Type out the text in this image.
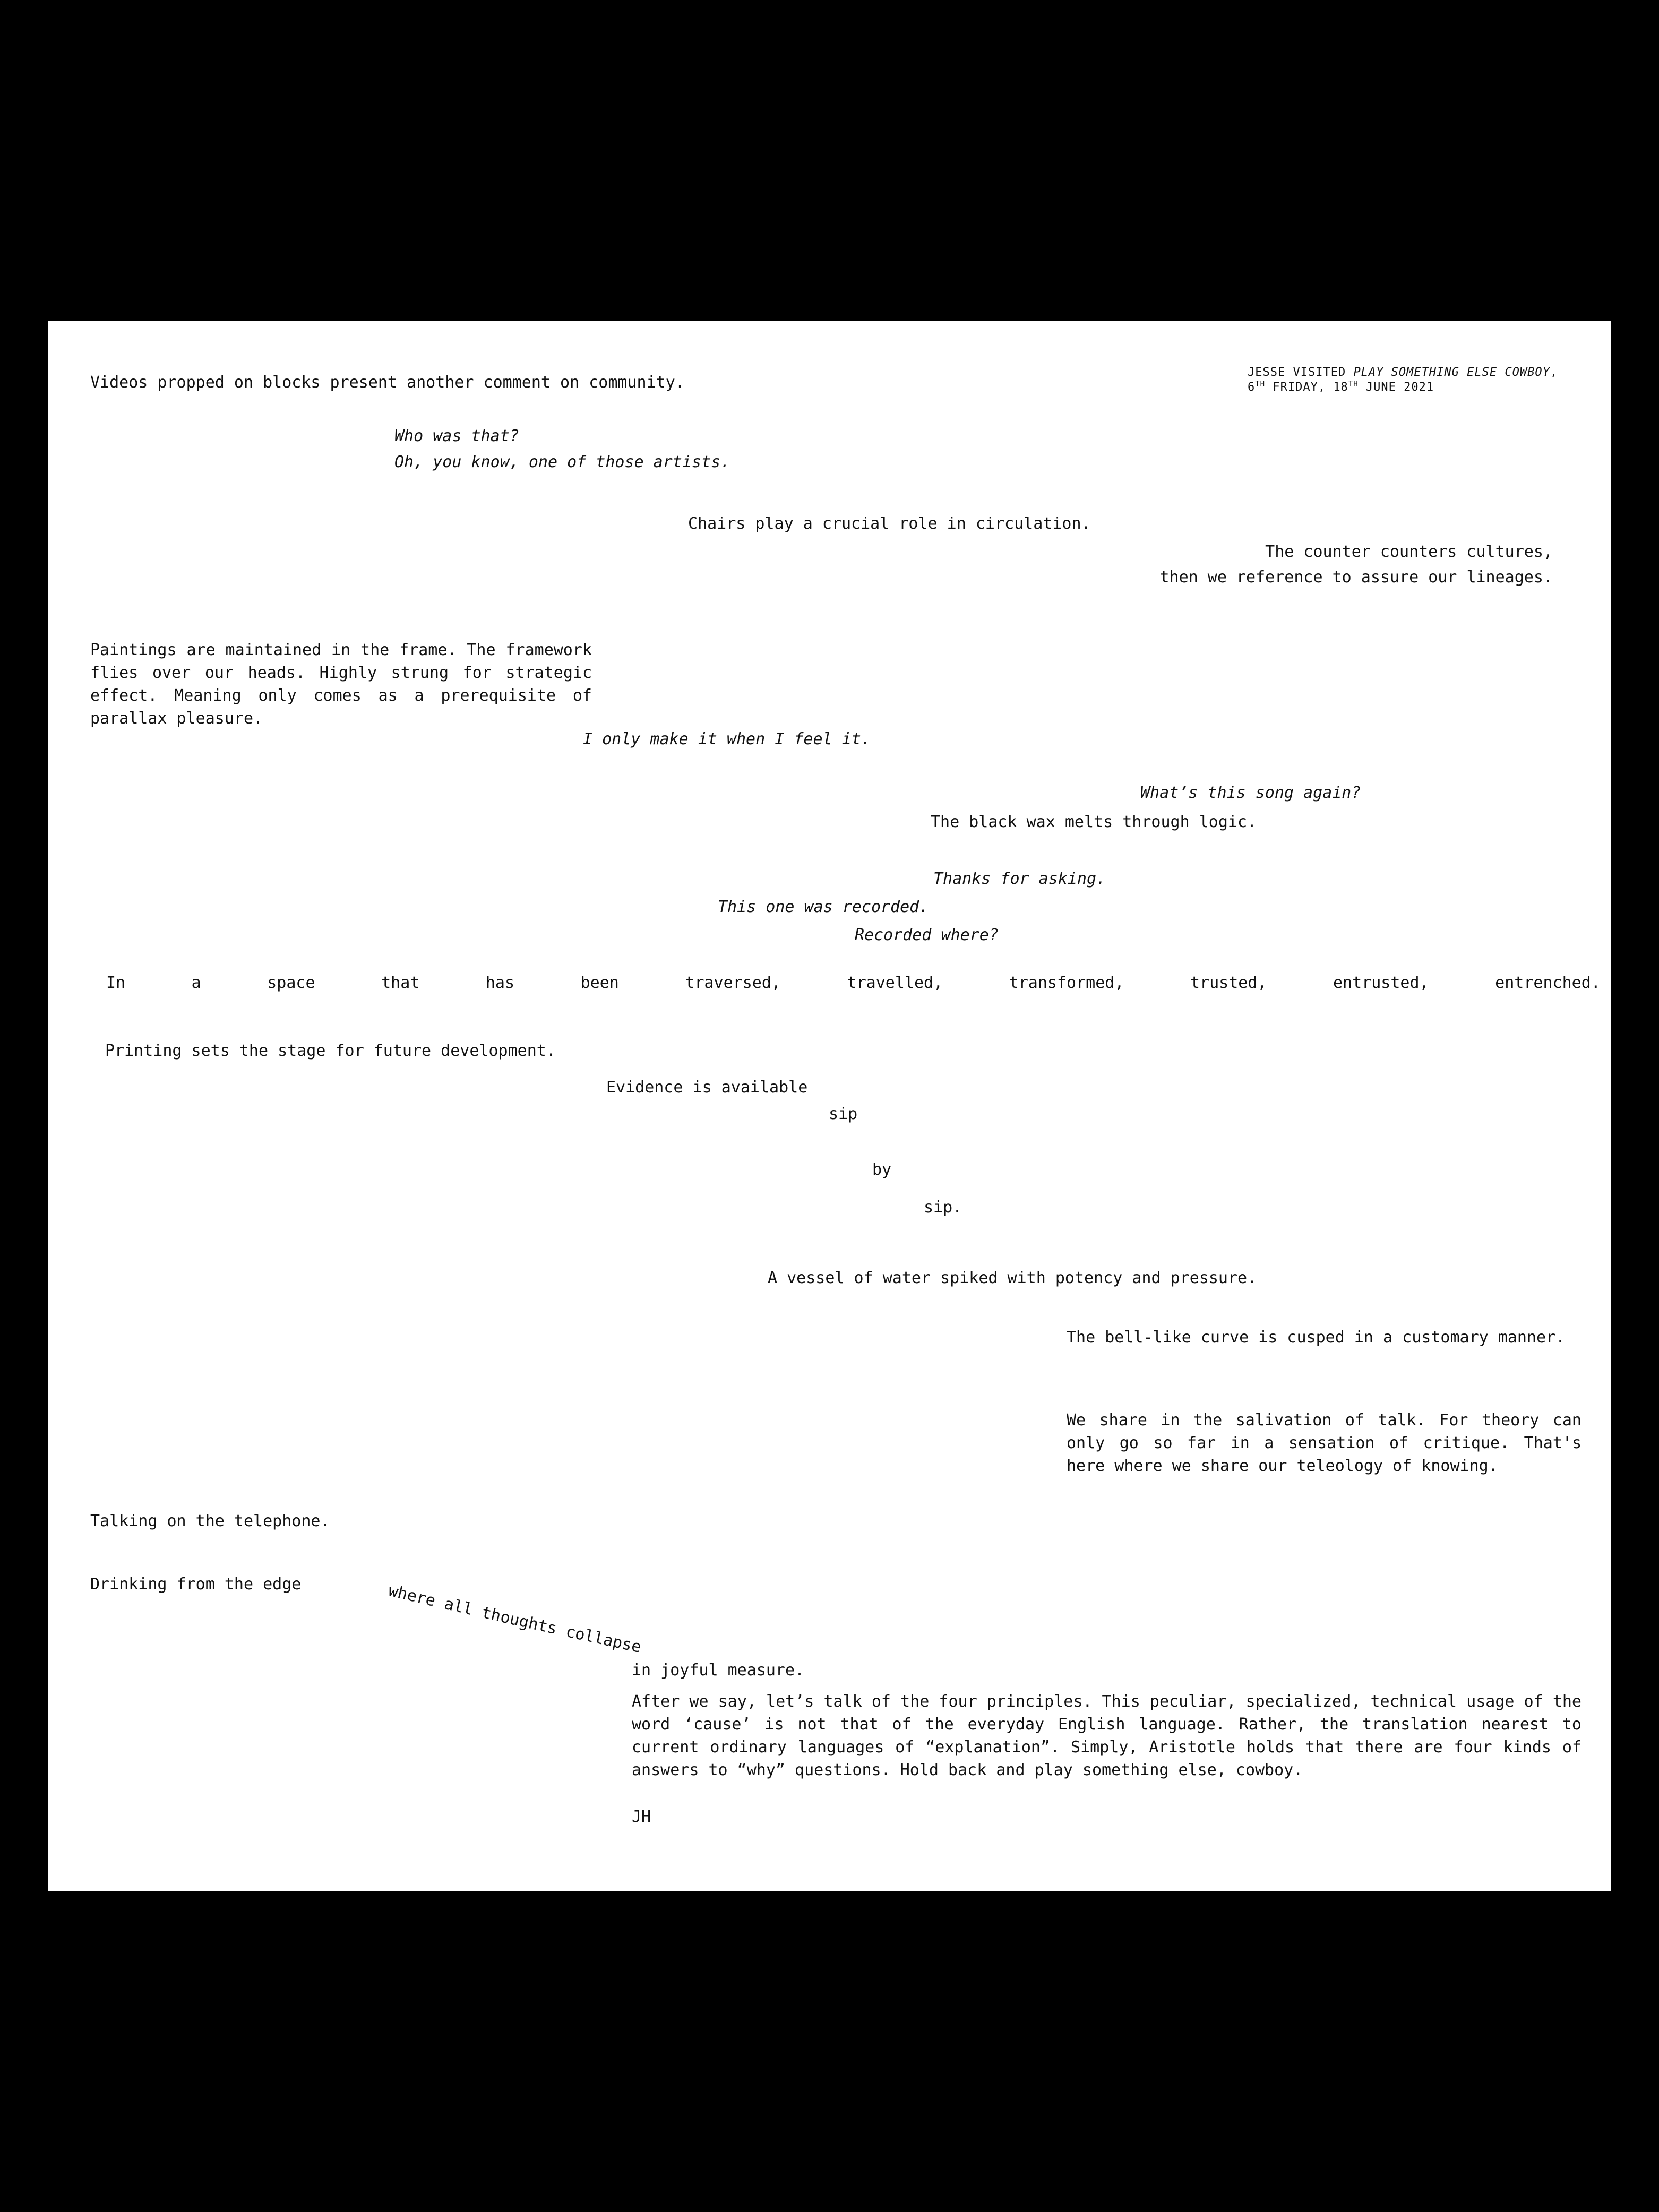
JESSE VISITED PLAY SOMETHING ELSE COWBOY,
6TH FRIDAY, 18TH JUNE 2021

Videos propped on blocks present another comment on community.

Who was that?

Oh, you know, one of those artists.

Chairs play a crucial role in circulation.

The counter counters cultures,

then we reference to assure our lineages.

Paintings are maintained in the frame. The framework flies over our heads. Highly strung for strategic effect. Meaning only comes as a prerequisite of parallax pleasure.

I only make it when I feel it.

What’s this song again?

The black wax melts through logic.

Thanks for asking.

This one was recorded.

Recorded where?

In	a	space	that	has	been	traversed,	travelled,	transformed,	trusted,	entrusted,	entrenched.

Printing sets the stage for future development.

Evidence is available

sip

by

sip.

A vessel of water spiked with potency and pressure.

The bell-like curve is cusped in a customary manner.

We share in the salivation of talk. For theory can only go so far in a sensation of critique. That's here where we share our teleology of knowing.

Talking on the telephone.

Drinking from the edge	where all thoughts collapse

in joyful measure.

After we say, let’s talk of the four principles. This peculiar, specialized, technical usage of the word ‘cause’ is not that of the everyday English language. Rather, the translation nearest to current ordinary languages of “explanation”. Simply, Aristotle holds that there are four kinds of answers to “why” questions. Hold back and play something else, cowboy.

JH
